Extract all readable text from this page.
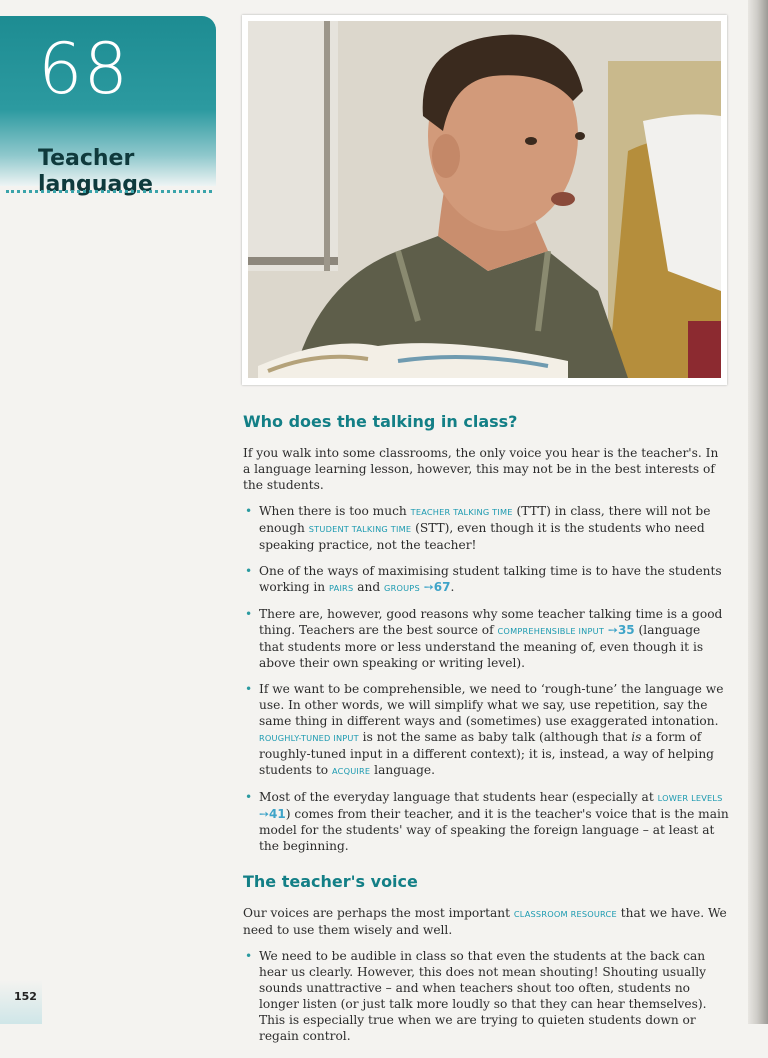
68
Teacher
language
Who does the talking in class?

If you walk into some classrooms, the only voice you hear is the teacher's. In a language learning lesson, however, this may not be in the best interests of the students.

• When there is too much TEACHER TALKING TIME (TTT) in class, there will not be enough STUDENT TALKING TIME (STT), even though it is the students who need speaking practice, not the teacher!
• One of the ways of maximising student talking time is to have the students working in PAIRS and GROUPS ➙67.
• There are, however, good reasons why some teacher talking time is a good thing. Teachers are the best source of COMPREHENSIBLE INPUT ➙35 (language that students more or less understand the meaning of, even though it is above their own speaking or writing level).
• If we want to be comprehensible, we need to ‘rough-tune’ the language we use. In other words, we will simplify what we say, use repetition, say the same thing in different ways and (sometimes) use exaggerated intonation. ROUGHLY-TUNED INPUT is not the same as baby talk (although that is a form of roughly-tuned input in a different context); it is, instead, a way of helping students to ACQUIRE language.
• Most of the everyday language that students hear (especially at LOWER LEVELS ➙41) comes from their teacher, and it is the teacher's voice that is the main model for the students' way of speaking the foreign language – at least at the beginning.
The teacher's voice

Our voices are perhaps the most important CLASSROOM RESOURCE that we have. We need to use them wisely and well.

• We need to be audible in class so that even the students at the back can hear us clearly. However, this does not mean shouting! Shouting usually sounds unattractive – and when teachers shout too often, students no longer listen (or just talk more loudly so that they can hear themselves). This is especially true when we are trying to quieten students down or regain control.
152
